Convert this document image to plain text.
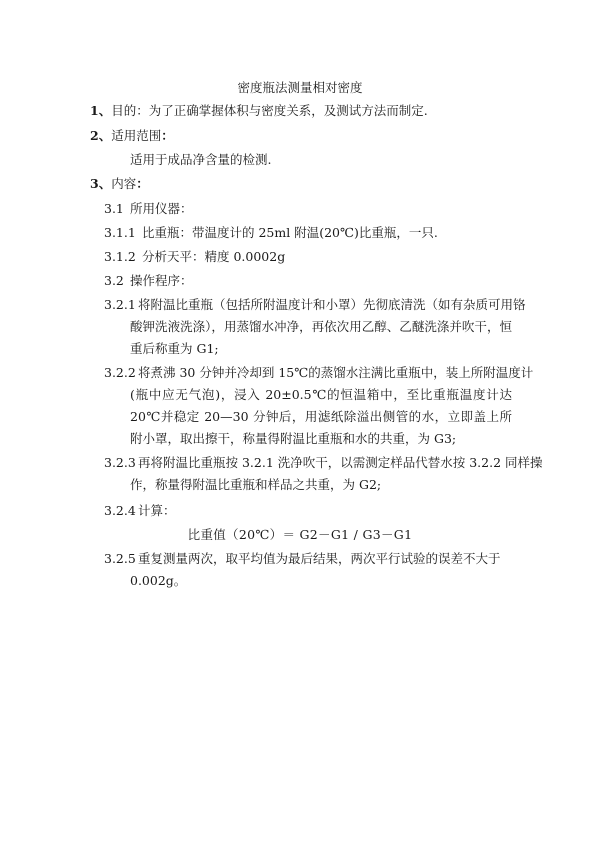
密度瓶法测量相对密度
1、目的：为了正确掌握体积与密度关系，及测试方法而制定.
2、适用范围：
适用于成品净含量的检测.
3、内容：
3.1 所用仪器：
3.1.1 比重瓶：带温度计的 25ml 附温(20℃)比重瓶，一只.
3.1.2 分析天平：精度 0.0002g
3.2 操作程序：
3.2.1 将附温比重瓶（包括所附温度计和小罩）先彻底清洗（如有杂质可用铬
酸钾洗液洗涤），用蒸馏水冲净，再依次用乙醇、乙醚洗涤并吹干，恒重后称重为 G1;
3.2.2 将煮沸 30 分钟并冷却到 15℃的蒸馏水注满比重瓶中，装上所附温度计
(瓶中应无气泡)，浸入 20±0.5℃的恒温箱中，至比重瓶温度计达 20℃并稳定 20—30 分钟后，用滤纸除溢出侧管的水，立即盖上所附小罩，取出擦干，称量得附温比重瓶和水的共重，为 G3;
3.2.3 再将附温比重瓶按 3.2.1 洗净吹干，以需测定样品代替水按 3.2.2 同样操
作，称量得附温比重瓶和样品之共重，为 G2;
3.2.4 计算：
比重值（20℃）＝ G2－G1 / G3－G1
3.2.5 重复测量两次，取平均值为最后结果，两次平行试验的误差不大于
0.002g。
